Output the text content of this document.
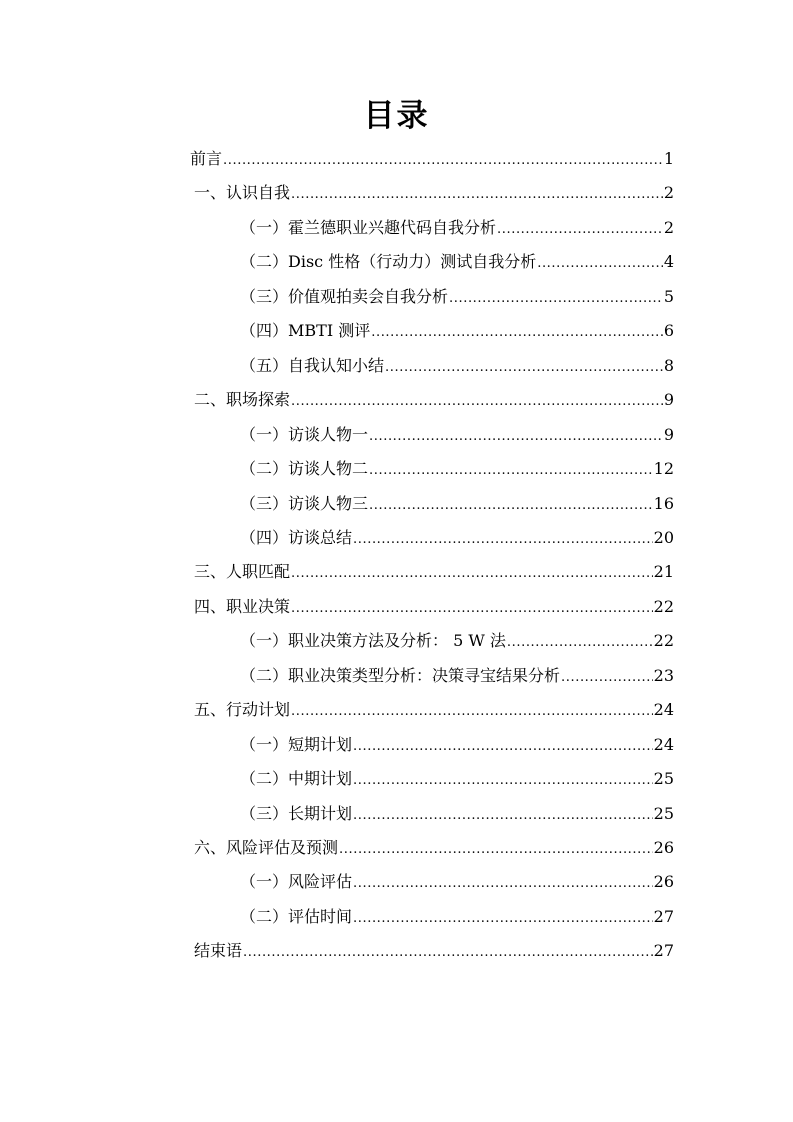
目录
前言 .....	1
一、认识自我 .....	2
（一）霍兰德职业兴趣代码自我分析 .....	2
（二）Disc 性格（行动力）测试自我分析 .....	4
（三）价值观拍卖会自我分析 .....	5
（四）MBTI 测评 .....	6
（五）自我认知小结 .....	8
二、职场探索 .....	9
（一）访谈人物一 .....	9
（二）访谈人物二 .....	12
（三）访谈人物三 .....	16
（四）访谈总结 .....	20
三、人职匹配 .....	21
四、职业决策 .....	22
（一）职业决策方法及分析： 5 W 法 .....	22
（二）职业决策类型分析：决策寻宝结果分析 .....	23
五、行动计划 .....	24
（一）短期计划 .....	24
（二）中期计划 .....	25
（三）长期计划 .....	25
六、风险评估及预测 .....	26
（一）风险评估 .....	26
（二）评估时间 .....	27
结束语 .....	27
